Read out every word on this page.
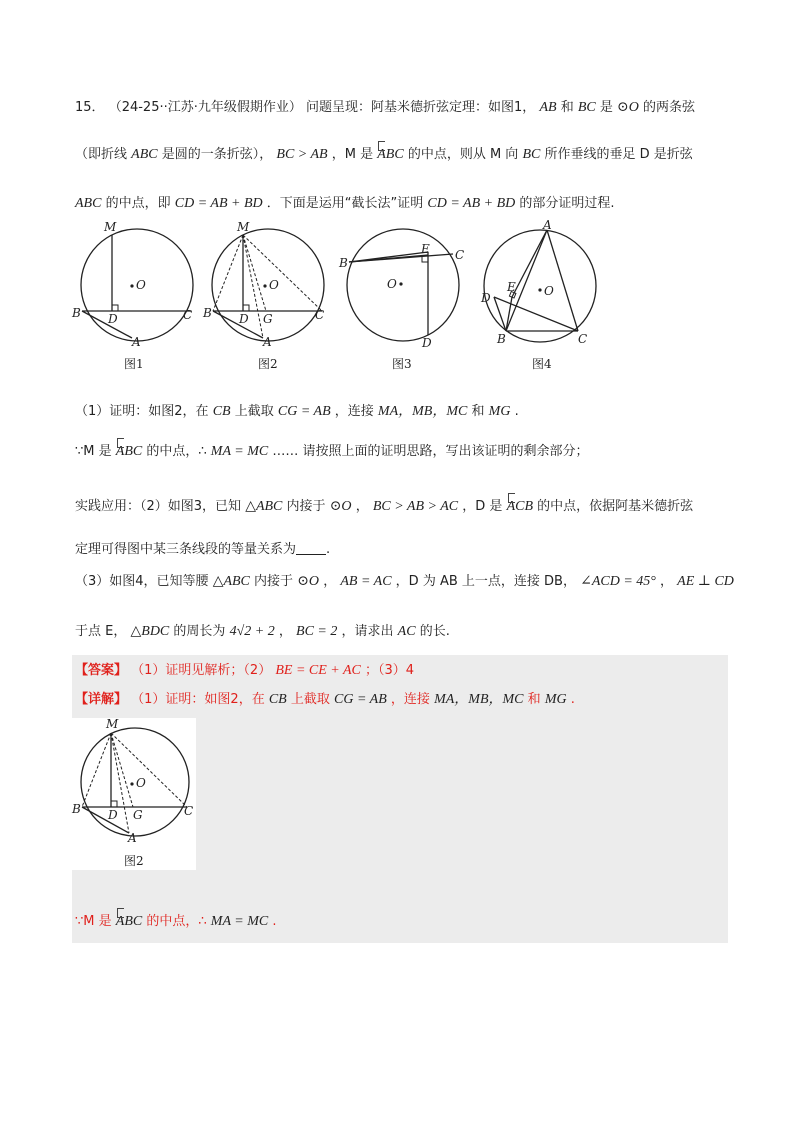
15． （24-25··江苏·九年级假期作业） 问题呈现：阿基米德折弦定理：如图1， AB 和 BC 是 ⊙O 的两条弦
（即折线 ABC 是圆的一条折弦）， BC > AB ，M 是 ABC 的中点，则从 M 向 BC 所作垂线的垂足 D 是折弦
ABC 的中点，即 CD = AB + BD ．下面是运用“截长法”证明 CD = AB + BD 的部分证明过程.
M
O
B D	C
A
图1
M
O
B D G	C
A
图2
E
B
C
O
D
图3
A
E O
D
B	C
图4
（1）证明：如图2，在 CB 上截取 CG = AB ，连接 MA，MB，MC 和 MG .
∵M 是 ABC 的中点，∴ MA = MC …… 请按照上面的证明思路，写出该证明的剩余部分；
实践应用：（2）如图3，已知 △ABC 内接于 ⊙O ， BC > AB > AC ，D 是 ACB 的中点，依据阿基米德折弦
定理可得图中某三条线段的等量关系为 .
（3）如图4，已知等腰 △ABC 内接于 ⊙O ， AB = AC ，D 为 AB 上一点，连接 DB， ∠ACD = 45° ， AE ⊥ CD
于点 E， △BDC 的周长为 4√2 + 2 ， BC = 2 ，请求出 AC 的长.
【答案】 （1）证明见解析；（2） BE = CE + AC ；（3）4
【详解】 （1）证明：如图2，在 CB 上截取 CG = AB ，连接 MA，MB，MC 和 MG .
M
O
B D G	C
A
图2
∵M 是 ABC 的中点，∴ MA = MC .
